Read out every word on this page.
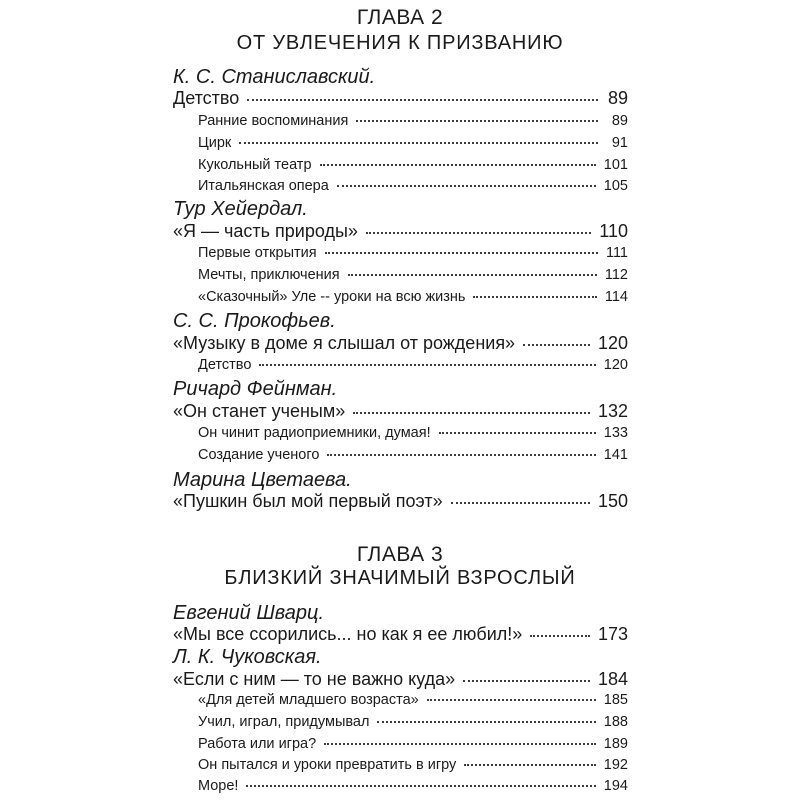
ГЛАВА 2
ОТ УВЛЕЧЕНИЯ К ПРИЗВАНИЮ
К. С. Станиславский.
Детство	89
Ранние воспоминания	89
Цирк	91
Кукольный театр	101
Итальянская опера	105
Тур Хейердал.
«Я — часть природы»	110
Первые открытия	111
Мечты, приключения	112
«Сказочный» Уле -- уроки на всю жизнь	114
С. С. Прокофьев.
«Музыку в доме я слышал от рождения»	120
Детство	120
Ричард Фейнман.
«Он станет ученым»	132
Он чинит радиоприемники, думая!	133
Создание ученого	141
Марина Цветаева.
«Пушкин был мой первый поэт»	150
ГЛАВА 3
БЛИЗКИЙ ЗНАЧИМЫЙ ВЗРОСЛЫЙ
Евгений Шварц.
«Мы все ссорились... но как я ее любил!»	173
Л. К. Чуковская.
«Если с ним — то не важно куда»	184
«Для детей младшего возраста»	185
Учил, играл, придумывал	188
Работа или игра?	189
Он пытался и уроки превратить в игру	192
Море!	194
